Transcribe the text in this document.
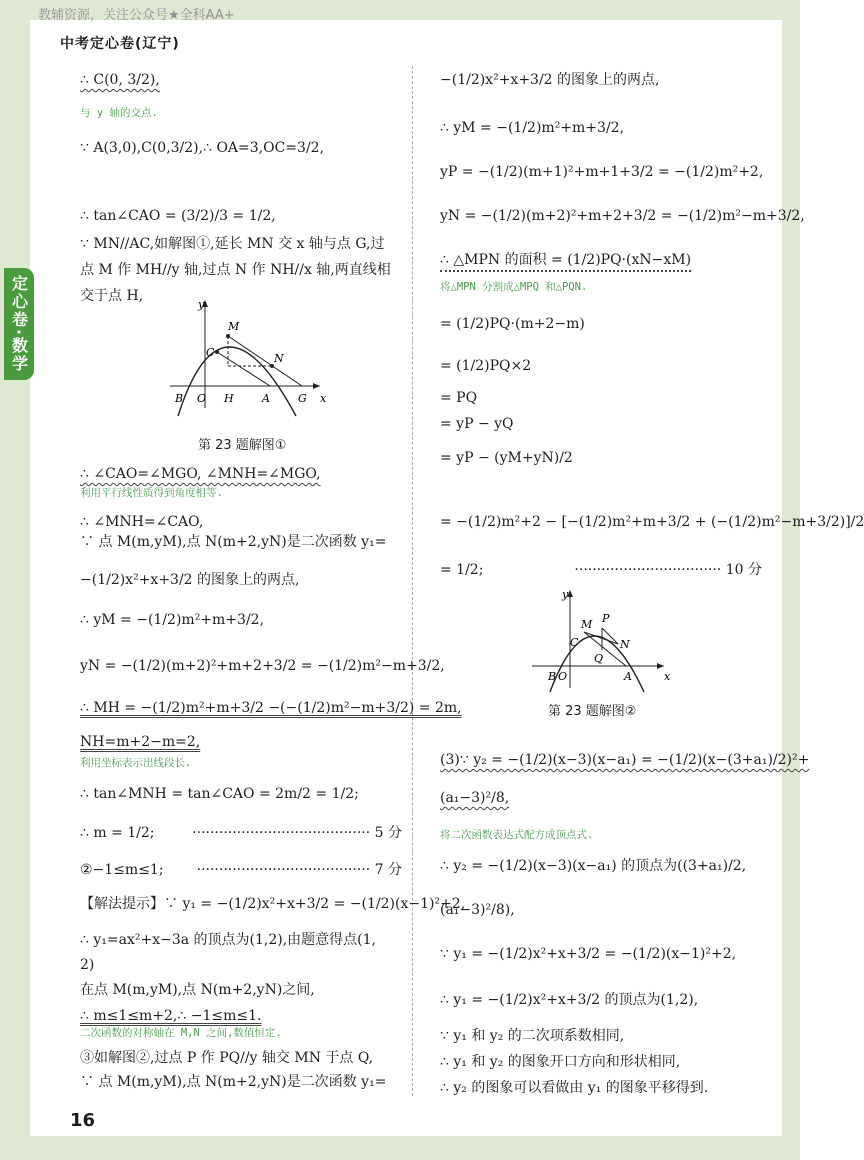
教辅资源，关注公众号★全科AA+
中考定心卷(辽宁)
定心卷·数学
16
y
x
M
C	N
B O H	A	G
第 23 题解图①
∴ C(0, 3/2),
∵ A(3,0),C(0,3/2),∴ OA=3,OC=3/2,
∴ tan∠CAO = (3/2)/3 = 1/2,
∵ MN//AC,如解图①,延长 MN 交 x 轴与点 G,过
点 M 作 MH//y 轴,过点 N 作 NH//x 轴,两直线相
交于点 H,
∴ ∠CAO=∠MGO, ∠MNH=∠MGO,
∴ ∠MNH=∠CAO,
∵ 点 M(m,yM),点 N(m+2,yN)是二次函数 y₁=
−(1/2)x²+x+3/2 的图象上的两点,
∴ yM = −(1/2)m²+m+3/2,
yN = −(1/2)(m+2)²+m+2+3/2 = −(1/2)m²−m+3/2,
∴ MH = −(1/2)m²+m+3/2 −(−(1/2)m²−m+3/2) = 2m,
NH=m+2−m=2,
∴ tan∠MNH = tan∠CAO = 2m/2 = 1/2;
∴ m = 1/2;
②−1≤m≤1;
【解法提示】∵ y₁ = −(1/2)x²+x+3/2 = −(1/2)(x−1)²+2,
∴ y₁=ax²+x−3a 的顶点为(1,2),由题意得点(1,
2)
在点 M(m,yM),点 N(m+2,yN)之间,
∴ m≤1≤m+2,∴ −1≤m≤1.
③如解图②,过点 P 作 PQ//y 轴交 MN 于点 Q,
∵ 点 M(m,yM),点 N(m+2,yN)是二次函数 y₁=
与 y 轴的交点.
利用平行线性质得到角度相等.
利用坐标表示出线段长.
二次函数的对称轴在 M,N 之间,数值恒定.
········································ 5 分
······································· 7 分
y
x
M P
C
Q
N
B O	A
第 23 题解图②
−(1/2)x²+x+3/2 的图象上的两点,
∴ yM = −(1/2)m²+m+3/2,
yP = −(1/2)(m+1)²+m+1+3/2 = −(1/2)m²+2,
yN = −(1/2)(m+2)²+m+2+3/2 = −(1/2)m²−m+3/2,
∴ △MPN 的面积 = (1/2)PQ·(xN−xM)
= (1/2)PQ·(m+2−m)
= (1/2)PQ×2
= PQ
= yP − yQ
= yP − (yM+yN)/2
= −(1/2)m²+2 − [−(1/2)m²+m+3/2 + (−(1/2)m²−m+3/2)]/2
= 1/2;
(3)∵ y₂ = −(1/2)(x−3)(x−a₁) = −(1/2)(x−(3+a₁)/2)²+
(a₁−3)²/8,
∴ y₂ = −(1/2)(x−3)(x−a₁) 的顶点为((3+a₁)/2,
(a₁−3)²/8),
∵ y₁ = −(1/2)x²+x+3/2 = −(1/2)(x−1)²+2,
∴ y₁ = −(1/2)x²+x+3/2 的顶点为(1,2),
∵ y₁ 和 y₂ 的二次项系数相同,
∴ y₁ 和 y₂ 的图象开口方向和形状相同,
∴ y₂ 的图象可以看做由 y₁ 的图象平移得到.
将△MPN 分割成△MPQ 和△PQN.
将二次函数表达式配方成顶点式.
································· 10 分
